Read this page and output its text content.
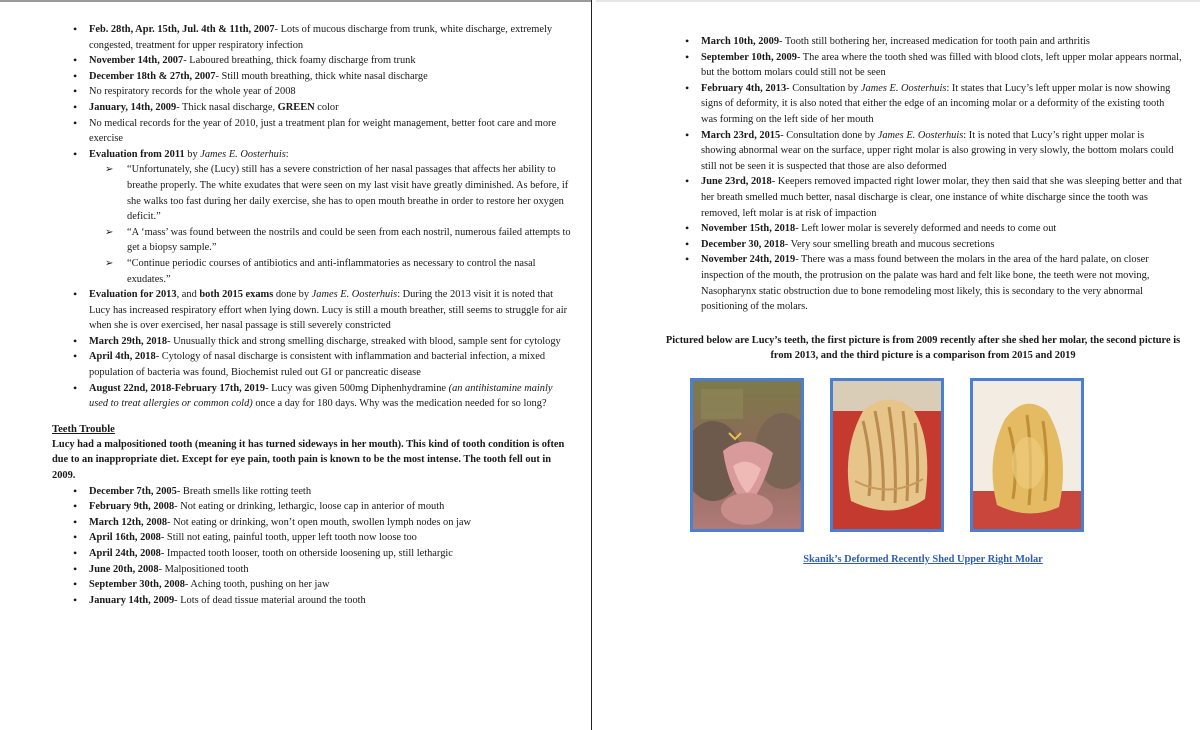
• Feb. 28th, Apr. 15th, Jul. 4th & 11th, 2007- Lots of mucous discharge from trunk, white discharge, extremely congested, treatment for upper respiratory infection
• November 14th, 2007- Laboured breathing, thick foamy discharge from trunk
• December 18th & 27th, 2007- Still mouth breathing, thick white nasal discharge
• No respiratory records for the whole year of 2008
• January, 14th, 2009- Thick nasal discharge, GREEN color
• No medical records for the year of 2010, just a treatment plan for weight management, better foot care and more exercise
• Evaluation from 2011 by James E. Oosterhuis:
➢ “Unfortunately, she (Lucy) still has a severe constriction of her nasal passages that affects her ability to breathe properly. The white exudates that were seen on my last visit have greatly diminished. As before, if she walks too fast during her daily exercise, she has to open mouth breathe in order to restore her oxygen deficit.”
➢ “A ‘mass’ was found between the nostrils and could be seen from each nostril, numerous failed attempts to get a biopsy sample.”
➢ “Continue periodic courses of antibiotics and anti-inflammatories as necessary to control the nasal exudates.”
• Evaluation for 2013, and both 2015 exams done by James E. Oosterhuis: During the 2013 visit it is noted that Lucy has increased respiratory effort when lying down. Lucy is still a mouth breather, still seems to struggle for air when she is over exercised, her nasal passage is still severely constricted
• March 29th, 2018- Unusually thick and strong smelling discharge, streaked with blood, sample sent for cytology
• April 4th, 2018- Cytology of nasal discharge is consistent with inflammation and bacterial infection, a mixed population of bacteria was found, Biochemist ruled out GI or pancreatic disease
• August 22nd, 2018-February 17th, 2019- Lucy was given 500mg Diphenhydramine (an antihistamine mainly used to treat allergies or common cold) once a day for 180 days. Why was the medication needed for so long?
Teeth Trouble
Lucy had a malpositioned tooth (meaning it has turned sideways in her mouth). This kind of tooth condition is often due to an inappropriate diet. Except for eye pain, tooth pain is known to be the most intense. The tooth fell out in 2009.
• December 7th, 2005- Breath smells like rotting teeth
• February 9th, 2008- Not eating or drinking, lethargic, loose cap in anterior of mouth
• March 12th, 2008- Not eating or drinking, won’t open mouth, swollen lymph nodes on jaw
• April 16th, 2008- Still not eating, painful tooth, upper left tooth now loose too
• April 24th, 2008- Impacted tooth looser, tooth on otherside loosening up, still lethargic
• June 20th, 2008- Malpositioned tooth
• September 30th, 2008- Aching tooth, pushing on her jaw
• January 14th, 2009- Lots of dead tissue material around the tooth
• March 10th, 2009- Tooth still bothering her, increased medication for tooth pain and arthritis
• September 10th, 2009- The area where the tooth shed was filled with blood clots, left upper molar appears normal, but the bottom molars could still not be seen
• February 4th, 2013- Consultation by James E. Oosterhuis: It states that Lucy’s left upper molar is now showing signs of deformity, it is also noted that either the edge of an incoming molar or a deformity of the existing tooth was forming on the left side of her mouth
• March 23rd, 2015- Consultation done by James E. Oosterhuis: It is noted that Lucy’s right upper molar is showing abnormal wear on the surface, upper right molar is also growing in very slowly, the bottom molars could still not be seen it is suspected that those are also deformed
• June 23rd, 2018- Keepers removed impacted right lower molar, they then said that she was sleeping better and that her breath smelled much better, nasal discharge is clear, one instance of white discharge since the tooth was removed, left molar is at risk of impaction
• November 15th, 2018- Left lower molar is severely deformed and needs to come out
• December 30, 2018- Very sour smelling breath and mucous secretions
• November 24th, 2019- There was a mass found between the molars in the area of the hard palate, on closer inspection of the mouth, the protrusion on the palate was hard and felt like bone, the teeth were not moving, Nasopharynx static obstruction due to bone remodeling most likely, this is secondary to the very abnormal positioning of the molars.
Pictured below are Lucy’s teeth, the first picture is from 2009 recently after she shed her molar, the second picture is from 2013, and the third picture is a comparison from 2015 and 2019
Skanik’s Deformed Recently Shed Upper Right Molar
